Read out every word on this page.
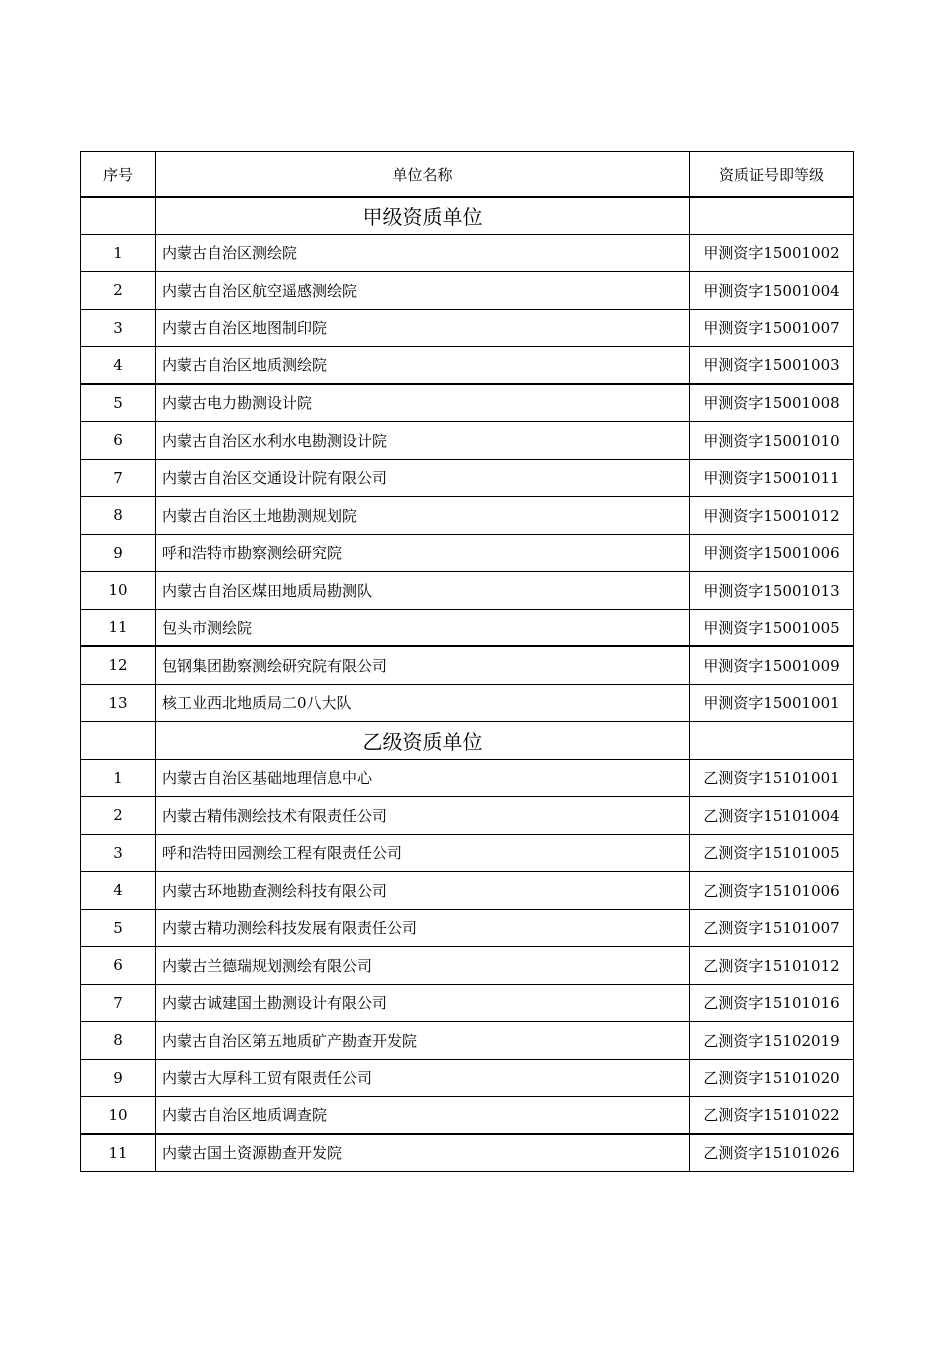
序号	单位名称	资质证号即等级
甲级资质单位
1	内蒙古自治区测绘院	甲测资字15001002
2	内蒙古自治区航空遥感测绘院	甲测资字15001004
3	内蒙古自治区地图制印院	甲测资字15001007
4	内蒙古自治区地质测绘院	甲测资字15001003
5	内蒙古电力勘测设计院	甲测资字15001008
6	内蒙古自治区水利水电勘测设计院	甲测资字15001010
7	内蒙古自治区交通设计院有限公司	甲测资字15001011
8	内蒙古自治区土地勘测规划院	甲测资字15001012
9	呼和浩特市勘察测绘研究院	甲测资字15001006
10	内蒙古自治区煤田地质局勘测队	甲测资字15001013
11	包头市测绘院	甲测资字15001005
12	包钢集团勘察测绘研究院有限公司	甲测资字15001009
13	核工业西北地质局二0八大队	甲测资字15001001
乙级资质单位
1	内蒙古自治区基础地理信息中心	乙测资字15101001
2	内蒙古精伟测绘技术有限责任公司	乙测资字15101004
3	呼和浩特田园测绘工程有限责任公司	乙测资字15101005
4	内蒙古环地勘查测绘科技有限公司	乙测资字15101006
5	内蒙古精功测绘科技发展有限责任公司	乙测资字15101007
6	内蒙古兰德瑞规划测绘有限公司	乙测资字15101012
7	内蒙古诚建国土勘测设计有限公司	乙测资字15101016
8	内蒙古自治区第五地质矿产勘查开发院	乙测资字15102019
9	内蒙古大厚科工贸有限责任公司	乙测资字15101020
10	内蒙古自治区地质调查院	乙测资字15101022
11	内蒙古国土资源勘查开发院	乙测资字15101026
